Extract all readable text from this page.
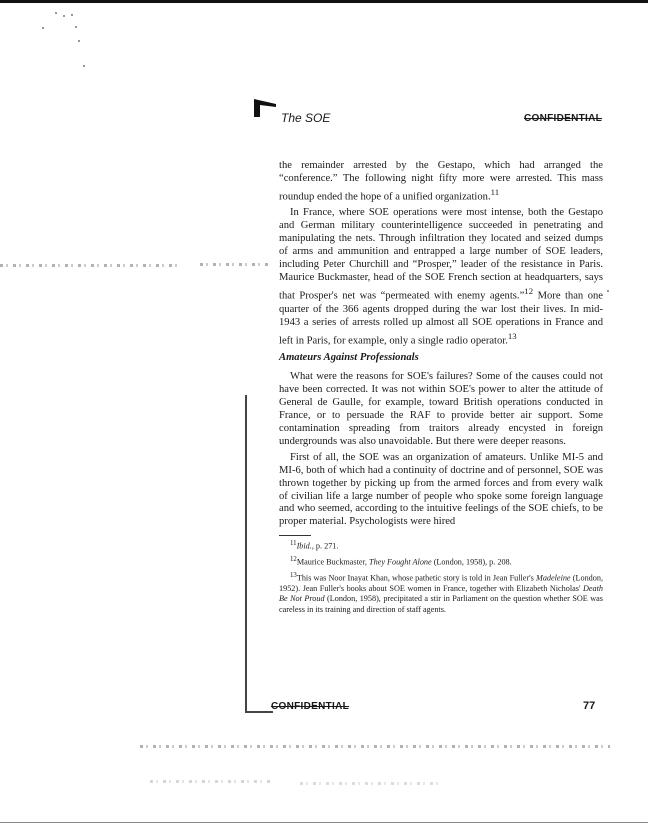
The SOE	CONFIDENTIAL

the remainder arrested by the Gestapo, which had arranged the “conference.” The following night fifty more were arrested. This mass roundup ended the hope of a unified organization.$^{11}$

In France, where SOE operations were most intense, both the Gestapo and German military counterintelligence succeeded in penetrating and manipulating the nets. Through infiltration they located and seized dumps of arms and ammunition and entrapped a large number of SOE leaders, including Peter Churchill and “Prosper,” leader of the resistance in Paris. Maurice Buckmaster, head of the SOE French section at headquarters, says that Prosper's net was “permeated with enemy agents.”$^{12}$ More than one quarter of the 366 agents dropped during the war lost their lives. In mid-1943 a series of arrests rolled up almost all SOE operations in France and left in Paris, for example, only a single radio operator.$^{13}$

Amateurs Against Professionals

What were the reasons for SOE's failures? Some of the causes could not have been corrected. It was not within SOE's power to alter the attitude of General de Gaulle, for example, toward British operations conducted in France, or to persuade the RAF to provide better air support. Some contamination spreading from traitors already encysted in foreign undergrounds was also unavoidable. But there were deeper reasons.

First of all, the SOE was an organization of amateurs. Unlike MI-5 and MI-6, both of which had a continuity of doctrine and of personnel, SOE was thrown together by picking up from the armed forces and from every walk of civilian life a large number of people who spoke some foreign language and who seemed, according to the intuitive feelings of the SOE chiefs, to be proper material. Psychologists were hired

$^{11}$Ibid., p. 271.

$^{12}$Maurice Buckmaster, They Fought Alone (London, 1958), p. 208.

$^{13}$This was Noor Inayat Khan, whose pathetic story is told in Jean Fuller's Madeleine (London, 1952). Jean Fuller's books about SOE women in France, together with Elizabeth Nicholas' Death Be Not Proud (London, 1958), precipitated a stir in Parliament on the question whether SOE was careless in its training and direction of staff agents.

CONFIDENTIAL	77
